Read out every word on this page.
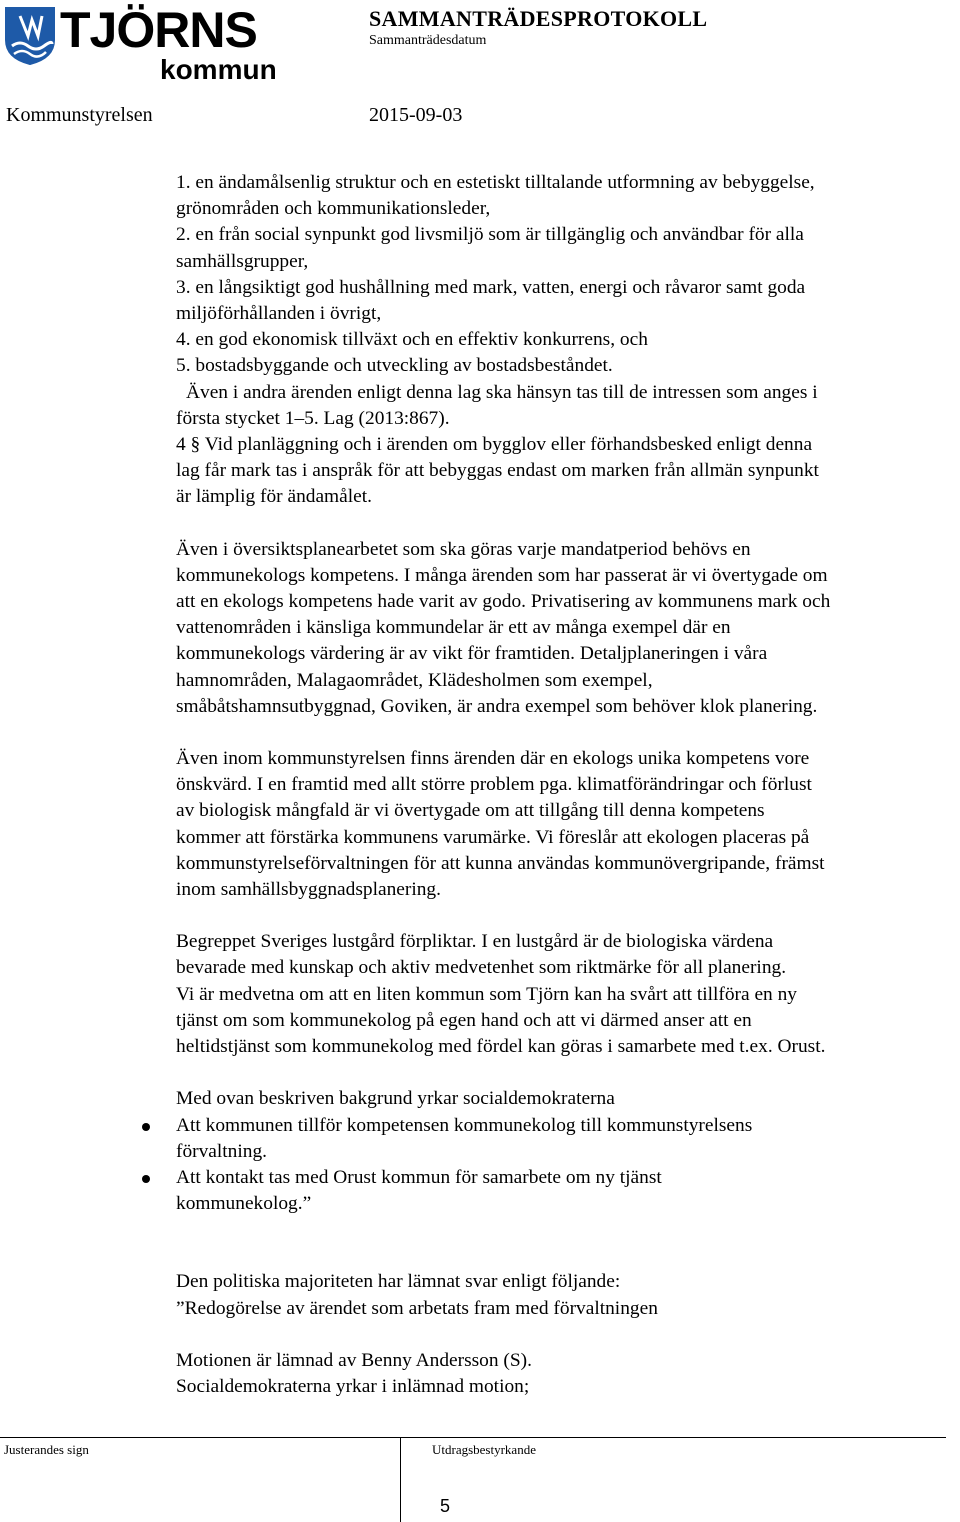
TJÖRNS
kommun
SAMMANTRÄDESPROTOKOLL
Sammanträdesdatum
Kommunstyrelsen	2015-09-03

1. en ändamålsenlig struktur och en estetiskt tilltalande utformning av bebyggelse,

grönområden och kommunikationsleder,

2. en från social synpunkt god livsmiljö som är tillgänglig och användbar för alla

samhällsgrupper,

3. en långsiktigt god hushållning med mark, vatten, energi och råvaror samt goda

miljöförhållanden i övrigt,

4. en god ekonomisk tillväxt och en effektiv konkurrens, och

5. bostadsbyggande och utveckling av bostadsbeståndet.

Även i andra ärenden enligt denna lag ska hänsyn tas till de intressen som anges i

första stycket 1–5. Lag (2013:867).

4 § Vid planläggning och i ärenden om bygglov eller förhandsbesked enligt denna

lag får mark tas i anspråk för att bebyggas endast om marken från allmän synpunkt

är lämplig för ändamålet.

Även i översiktsplanearbetet som ska göras varje mandatperiod behövs en

kommunekologs kompetens. I många ärenden som har passerat är vi övertygade om

att en ekologs kompetens hade varit av godo. Privatisering av kommunens mark och

vattenområden i känsliga kommundelar är ett av många exempel där en

kommunekologs värdering är av vikt för framtiden. Detaljplaneringen i våra

hamnområden, Malagaområdet, Klädesholmen som exempel,

småbåtshamnsutbyggnad, Goviken, är andra exempel som behöver klok planering.

Även inom kommunstyrelsen finns ärenden där en ekologs unika kompetens vore

önskvärd. I en framtid med allt större problem pga. klimatförändringar och förlust

av biologisk mångfald är vi övertygade om att tillgång till denna kompetens

kommer att förstärka kommunens varumärke. Vi föreslår att ekologen placeras på

kommunstyrelseförvaltningen för att kunna användas kommunövergripande, främst

inom samhällsbyggnadsplanering.

Begreppet Sveriges lustgård förpliktar. I en lustgård är de biologiska värdena

bevarade med kunskap och aktiv medvetenhet som riktmärke för all planering.

Vi är medvetna om att en liten kommun som Tjörn kan ha svårt att tillföra en ny

tjänst om som kommunekolog på egen hand och att vi därmed anser att en

heltidstjänst som kommunekolog med fördel kan göras i samarbete med t.ex. Orust.

Med ovan beskriven bakgrund yrkar socialdemokraterna

Att kommunen tillför kompetensen kommunekolog till kommunstyrelsens

förvaltning.

Att kontakt tas med Orust kommun för samarbete om ny tjänst

kommunekolog.”

Den politiska majoriteten har lämnat svar enligt följande:

”Redogörelse av ärendet som arbetats fram med förvaltningen

Motionen är lämnad av Benny Andersson (S).

Socialdemokraterna yrkar i inlämnad motion;

Justerandes sign	Utdragsbestyrkande
5
